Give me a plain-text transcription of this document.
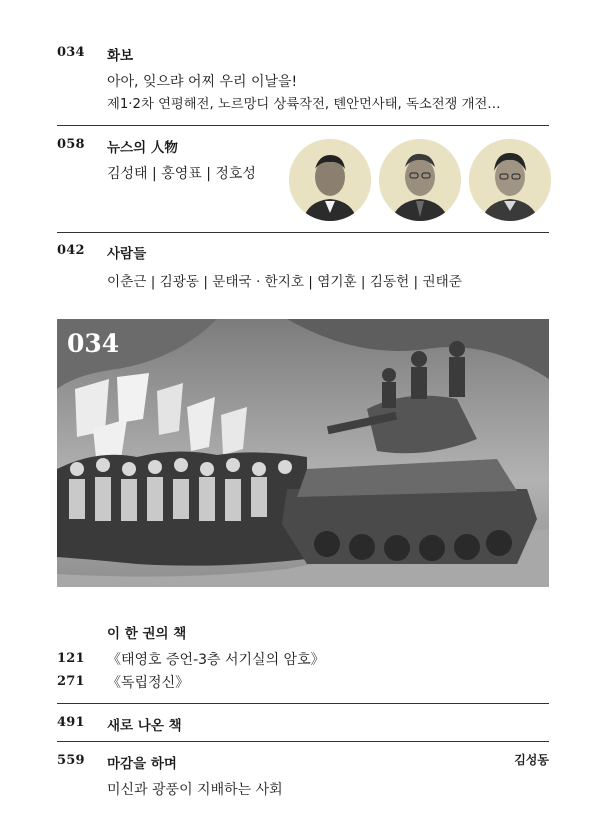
034 화보
아아, 잊으랴 어찌 우리 이날을!
제1·2차 연평해전, 노르망디 상륙작전, 톈안먼사태, 독소전쟁 개전…
058 뉴스의 人物
김성태 | 홍영표 | 정호성
042 사람들
이춘근 | 김광동 | 문태국 · 한지호 | 염기훈 | 김동헌 | 권태준
034
이 한 권의 책
121 《태영호 증언-3층 서기실의 암호》
271 《독립정신》
491 새로 나온 책
559 마감을 하며	김성동
미신과 광풍이 지배하는 사회
